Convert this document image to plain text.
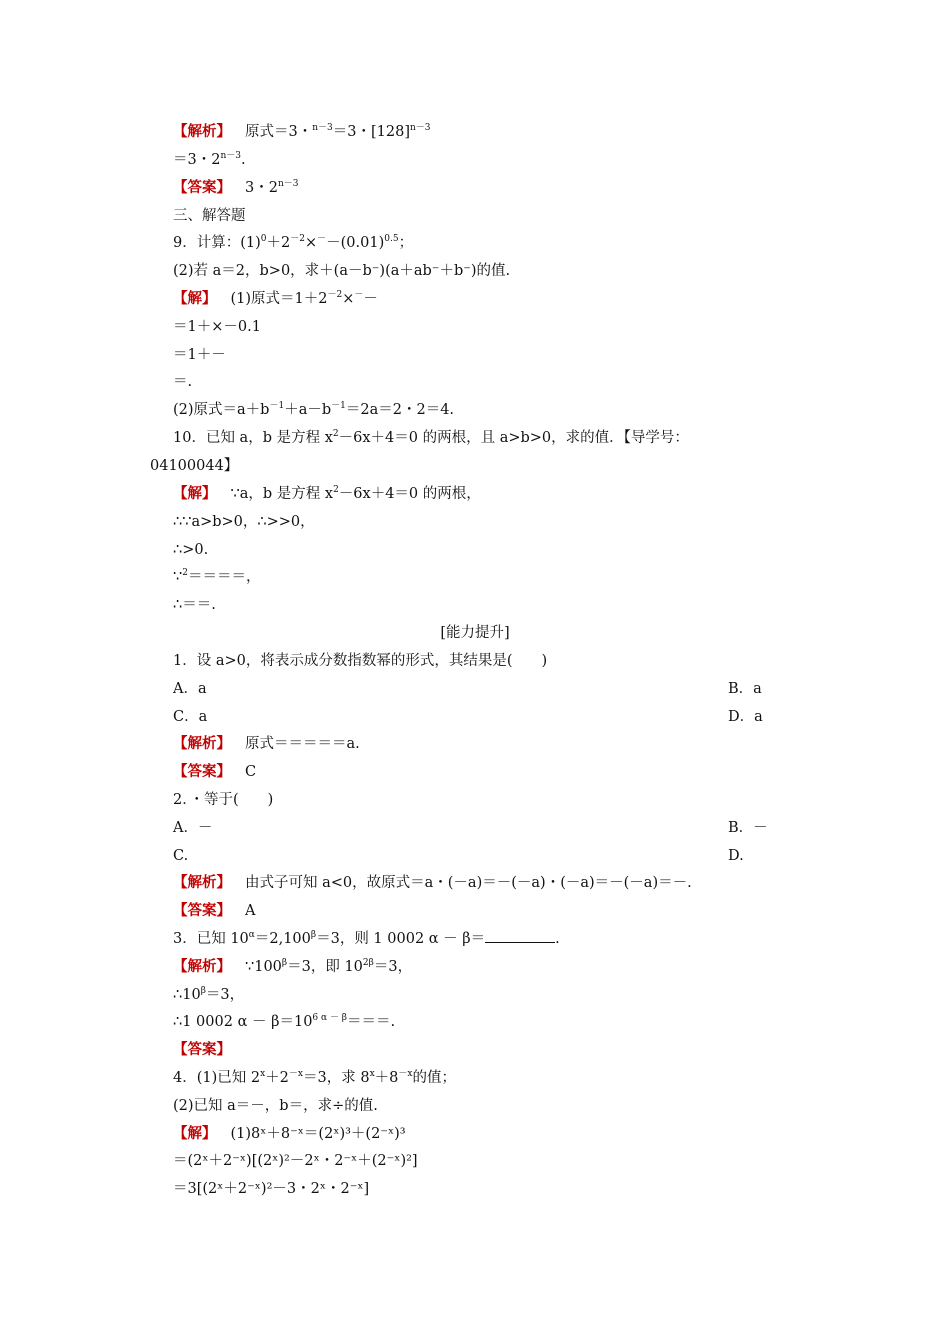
【解析】 原式＝3・$^{n-3}$＝3・$[128]^{n-3}$
＝3・$2^{n-3}$.
【答案】 3・$2^{n-3}$
三、解答题
9．计算：$(1)^0+2^{-2}\times^--(0.01)^{0.5}$；
(2)若 a＝2，b>0，求＋(a－b⁻)(a＋ab⁻＋b⁻)的值.
【解】 (1)原式$=1+2^{-2}\times^--$
＝1＋×－0.1
＝1＋－
＝.
(2)原式$=a+b^{-1}+a-b^{-1}=2a=2$・2＝4.
10．已知 a，b 是方程 $x^2-6x+4=0$ 的两根，且 a>b>0，求的值．【导学号：
04100044】
【解】 ∵a，b 是方程 $x^2-6x+4=0$ 的两根，
∴∵a>b>0，∴>>0，
∴>0.
∵$^2$＝＝＝＝，
∴＝＝.
[能力提升]
1．设 a>0，将表示成分数指数幂的形式，其结果是(　　)
A．a	B．a
C．a	D．a
【解析】 原式＝＝＝＝＝a.
【答案】 C
2．・等于(　　)
A．－	B．－
C.	D.
【解析】 由式子可知 a<0，故原式＝a・(－a)＝－(－a)・(－a)＝－(－a)＝－.
【答案】 A
3．已知 $10^\alpha=2,100^\beta=3$，则 1 0002 α － β＝	.
【解析】 $\because 100^\beta=3$，即 $10^{2\beta}=3$，
$\therefore 10^\beta=3$，
∴1 0002 $\alpha - \beta=10^{6 \alpha - \beta}===$.
【答案】
4．(1)已知 $2^x+2^{-x}=3$，求 $8^x+8^{-x}$的值；
(2)已知 a＝－，b＝，求÷的值.
【解】 (1)8ˣ＋8⁻ˣ＝(2ˣ)³＋(2⁻ˣ)³
＝(2ˣ＋2⁻ˣ)[(2ˣ)²－2ˣ・2⁻ˣ＋(2⁻ˣ)²]
＝3[(2ˣ＋2⁻ˣ)²－3・2ˣ・2⁻ˣ]
